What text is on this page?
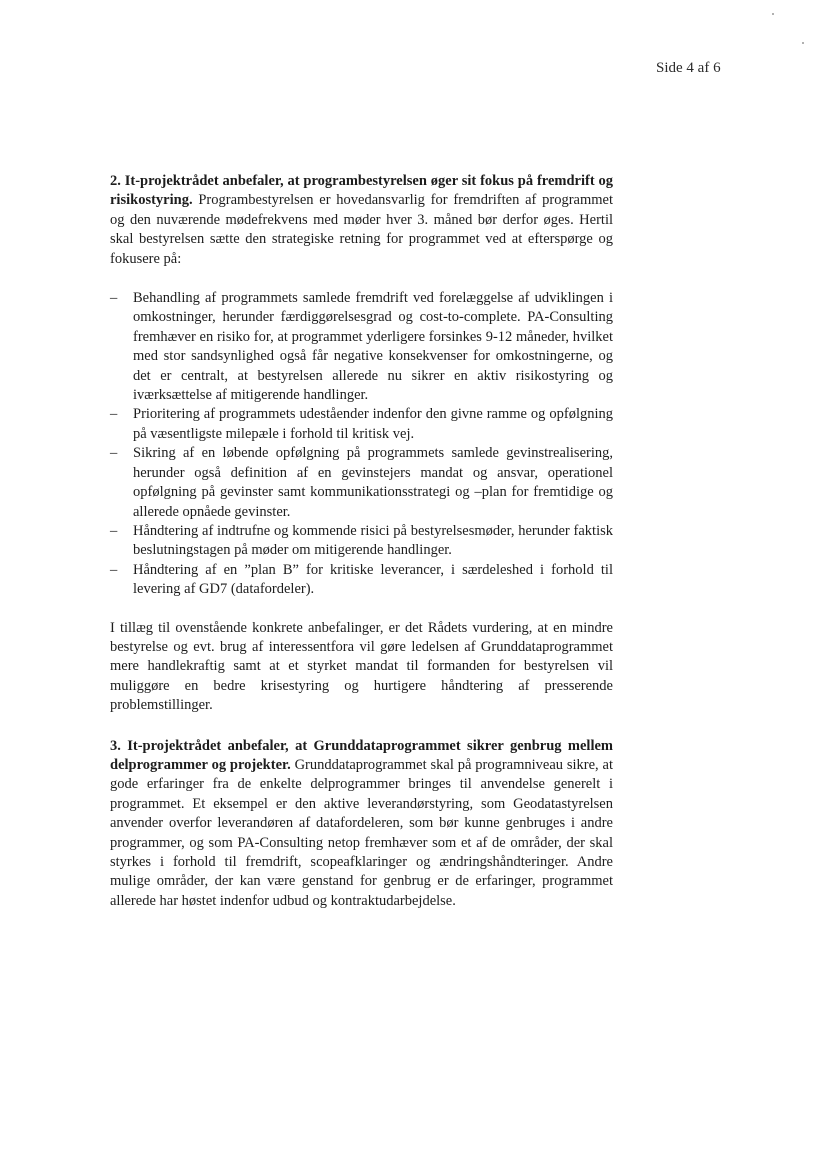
Side 4 af 6

2. It-projektrådet anbefaler, at programbestyrelsen øger sit fokus på fremdrift og risikostyring. Programbestyrelsen er hovedansvarlig for fremdriften af programmet og den nuværende mødefrekvens med møder hver 3. måned bør derfor øges. Hertil skal bestyrelsen sætte den strategiske retning for programmet ved at efterspørge og fokusere på:

– Behandling af programmets samlede fremdrift ved forelæggelse af udviklingen i omkostninger, herunder færdiggørelsesgrad og cost-to-complete. PA-Consulting fremhæver en risiko for, at programmet yderligere forsinkes 9-12 måneder, hvilket med stor sandsynlighed også får negative konsekvenser for omkostningerne, og det er centralt, at bestyrelsen allerede nu sikrer en aktiv risikostyring og iværksættelse af mitigerende handlinger.
– Prioritering af programmets udeståender indenfor den givne ramme og opfølgning på væsentligste milepæle i forhold til kritisk vej.
– Sikring af en løbende opfølgning på programmets samlede gevinstrealisering, herunder også definition af en gevinstejers mandat og ansvar, operationel opfølgning på gevinster samt kommunikationsstrategi og –plan for fremtidige og allerede opnåede gevinster.
– Håndtering af indtrufne og kommende risici på bestyrelsesmøder, herunder faktisk beslutningstagen på møder om mitigerende handlinger.
– Håndtering af en ”plan B” for kritiske leverancer, i særdeleshed i forhold til levering af GD7 (datafordeler).

I tillæg til ovenstående konkrete anbefalinger, er det Rådets vurdering, at en mindre bestyrelse og evt. brug af interessentfora vil gøre ledelsen af Grunddataprogrammet mere handlekraftig samt at et styrket mandat til formanden for bestyrelsen vil muliggøre en bedre krisestyring og hurtigere håndtering af presserende problemstillinger.

3. It-projektrådet anbefaler, at Grunddataprogrammet sikrer genbrug mellem delprogrammer og projekter. Grunddataprogrammet skal på programniveau sikre, at gode erfaringer fra de enkelte delprogrammer bringes til anvendelse generelt i programmet. Et eksempel er den aktive leverandørstyring, som Geodatastyrelsen anvender overfor leverandøren af datafordeleren, som bør kunne genbruges i andre programmer, og som PA-Consulting netop fremhæver som et af de områder, der skal styrkes i forhold til fremdrift, scopeafklaringer og ændringshåndteringer. Andre mulige områder, der kan være genstand for genbrug er de erfaringer, programmet allerede har høstet indenfor udbud og kontraktudarbejdelse.
